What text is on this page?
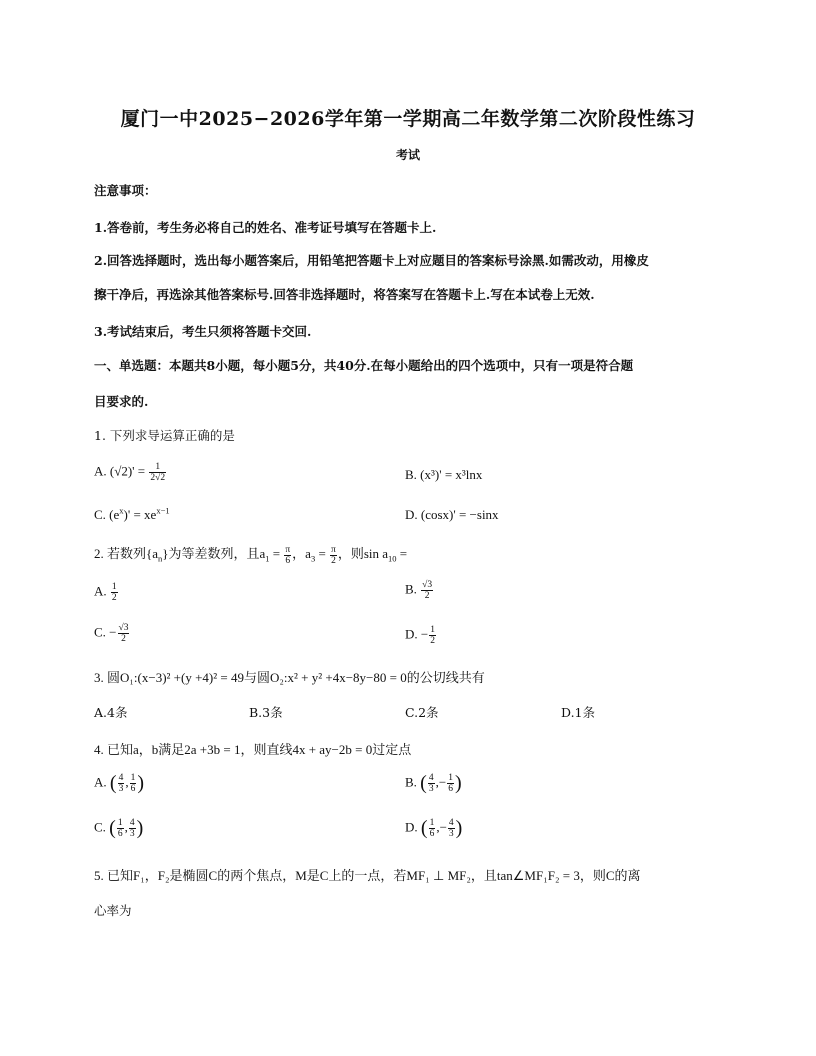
厦门一中2025−2026学年第一学期高二年数学第二次阶段性练习
考试
注意事项：
1.答卷前，考生务必将自己的姓名、准考证号填写在答题卡上.
2.回答选择题时，选出每小题答案后，用铅笔把答题卡上对应题目的答案标号涂黑.如需改动，用橡皮
擦干净后，再选涂其他答案标号.回答非选择题时，将答案写在答题卡上.写在本试卷上无效.
3.考试结束后，考生只须将答题卡交回.
一、单选题：本题共8小题，每小题5分，共40分.在每小题给出的四个选项中，只有一项是符合题
目要求的.
1. 下列求导运算正确的是
A. $(√2)' = \frac{1}{2√2}$	B. (x³)' = x³lnx
C. $(e^x)' = xe^{x-1}$	D. (cosx)' = −sinx
2. 若数列$\{a_n\}$为等差数列，且$a_1 = \frac{\pi}{6}$ ，$a_3 = \frac{\pi}{2}$ ，则$\sin a_{10}$ =
A. $\frac{1}{2}$	B. $\frac{√3}{2}$
C. − $\frac{√3}{2}$	D. − $\frac{1}{2}$
3. 圆O₁:(x−3)² +(y +4)² = 49与圆O₂:x² + y² +4x−8y−80 = 0的公切线共有
A.4条	B.3条	C.2条	D.1条
4. 已知a，b满足2a +3b = 1，则直线4x + ay−2b = 0过定点
A. ( $\frac{4}{3}$ , $\frac{1}{6}$ )	B. ( $\frac{4}{3}$ ,− $\frac{1}{6}$ )
C. ( $\frac{1}{6}$ , $\frac{4}{3}$ )	D. ( $\frac{1}{6}$ ,− $\frac{4}{3}$ )
5. 已知F₁，F₂是椭圆C的两个焦点，M是C上的一点，若MF₁ ⊥ MF₂，且tan∠MF₁F₂ = 3，则C的离
心率为
